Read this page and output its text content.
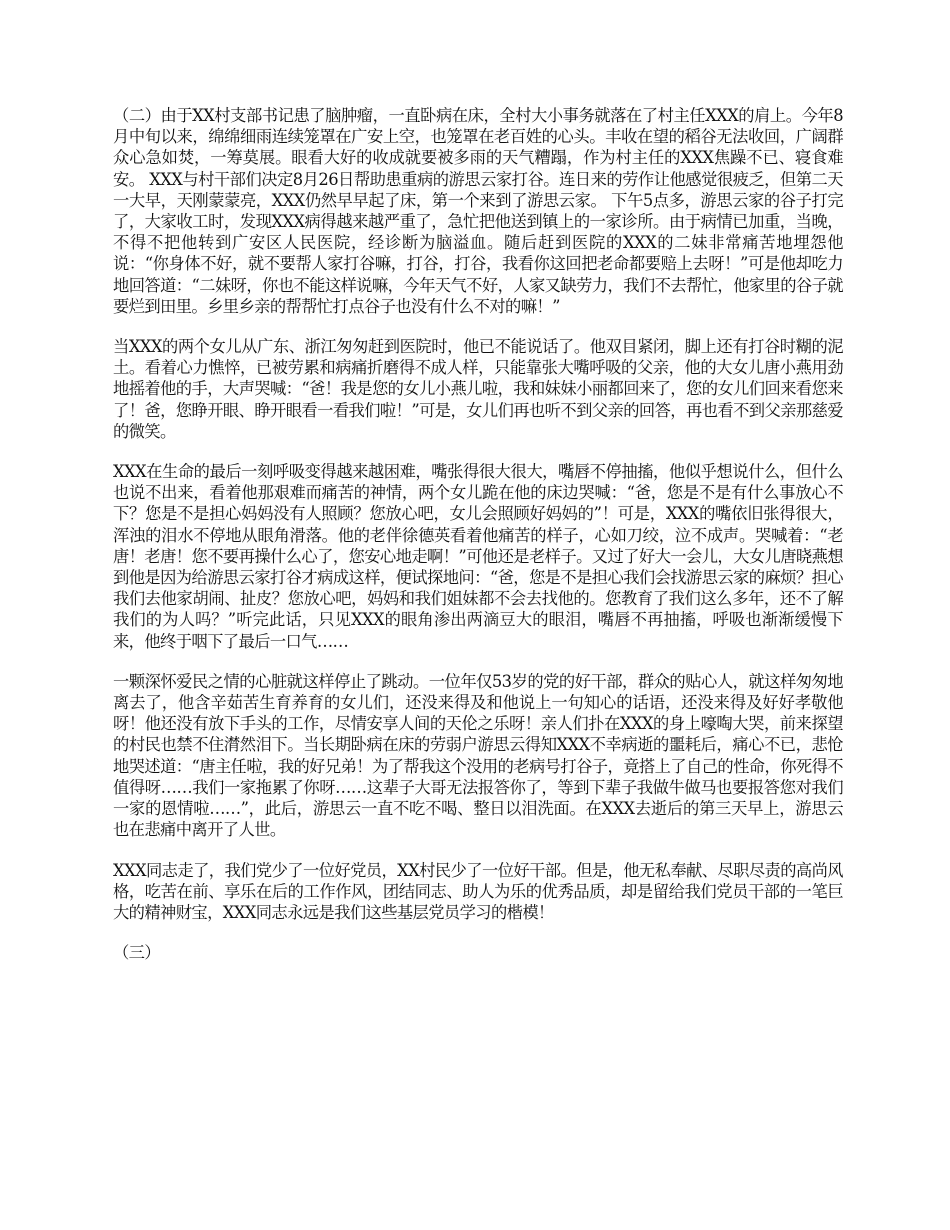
（二）由于XX村支部书记患了脑肿瘤，一直卧病在床，全村大小事务就落在了村主任XXX的肩上。今年8月中旬以来，绵绵细雨连续笼罩在广安上空，也笼罩在老百姓的心头。丰收在望的稻谷无法收回，广阔群众心急如焚，一筹莫展。眼看大好的收成就要被多雨的天气糟蹋，作为村主任的XXX焦躁不已、寝食难安。 XXX与村干部们决定8月26日帮助患重病的游思云家打谷。连日来的劳作让他感觉很疲乏，但第二天一大早，天刚蒙蒙亮，XXX仍然早早起了床，第一个来到了游思云家。 下午5点多，游思云家的谷子打完了，大家收工时，发现XXX病得越来越严重了，急忙把他送到镇上的一家诊所。由于病情已加重，当晚，不得不把他转到广安区人民医院，经诊断为脑溢血。随后赶到医院的XXX的二妹非常痛苦地埋怨他说：“你身体不好，就不要帮人家打谷嘛，打谷，打谷，我看你这回把老命都要赔上去呀！”可是他却吃力地回答道：“二妹呀，你也不能这样说嘛，今年天气不好，人家又缺劳力，我们不去帮忙，他家里的谷子就要烂到田里。乡里乡亲的帮帮忙打点谷子也没有什么不对的嘛！”

当XXX的两个女儿从广东、浙江匆匆赶到医院时，他已不能说话了。他双目紧闭，脚上还有打谷时糊的泥土。看着心力憔悴，已被劳累和病痛折磨得不成人样，只能靠张大嘴呼吸的父亲，他的大女儿唐小燕用劲地摇着他的手，大声哭喊：“爸！我是您的女儿小燕儿啦，我和妹妹小丽都回来了，您的女儿们回来看您来了！爸，您睁开眼、睁开眼看一看我们啦！”可是，女儿们再也听不到父亲的回答，再也看不到父亲那慈爱的微笑。

XXX在生命的最后一刻呼吸变得越来越困难，嘴张得很大很大，嘴唇不停抽搐，他似乎想说什么，但什么也说不出来，看着他那艰难而痛苦的神情，两个女儿跪在他的床边哭喊：“爸，您是不是有什么事放心不下？您是不是担心妈妈没有人照顾？您放心吧，女儿会照顾好妈妈的”！可是，XXX的嘴依旧张得很大，浑浊的泪水不停地从眼角滑落。他的老伴徐德英看着他痛苦的样子，心如刀绞，泣不成声。哭喊着：“老唐！老唐！您不要再操什么心了，您安心地走啊！”可他还是老样子。又过了好大一会儿，大女儿唐晓燕想到他是因为给游思云家打谷才病成这样，便试探地问：“爸，您是不是担心我们会找游思云家的麻烦？担心我们去他家胡闹、扯皮？您放心吧，妈妈和我们姐妹都不会去找他的。您教育了我们这么多年，还不了解我们的为人吗？”听完此话，只见XXX的眼角渗出两滴豆大的眼泪，嘴唇不再抽搐，呼吸也渐渐缓慢下来，他终于咽下了最后一口气……

一颗深怀爱民之情的心脏就这样停止了跳动。一位年仅53岁的党的好干部，群众的贴心人，就这样匆匆地离去了，他含辛茹苦生育养育的女儿们，还没来得及和他说上一句知心的话语，还没来得及好好孝敬他呀！他还没有放下手头的工作，尽情安享人间的天伦之乐呀！亲人们扑在XXX的身上嚎啕大哭，前来探望的村民也禁不住潸然泪下。当长期卧病在床的劳弱户游思云得知XXX不幸病逝的噩耗后，痛心不已，悲怆地哭述道：“唐主任啦，我的好兄弟！为了帮我这个没用的老病号打谷子，竟搭上了自己的性命，你死得不值得呀……我们一家拖累了你呀……这辈子大哥无法报答你了，等到下辈子我做牛做马也要报答您对我们一家的恩情啦……”，此后，游思云一直不吃不喝、整日以泪洗面。在XXX去逝后的第三天早上，游思云也在悲痛中离开了人世。

XXX同志走了，我们党少了一位好党员，XX村民少了一位好干部。但是，他无私奉献、尽职尽责的高尚风格，吃苦在前、享乐在后的工作作风，团结同志、助人为乐的优秀品质，却是留给我们党员干部的一笔巨大的精神财宝，XXX同志永远是我们这些基层党员学习的楷模！

（三）
